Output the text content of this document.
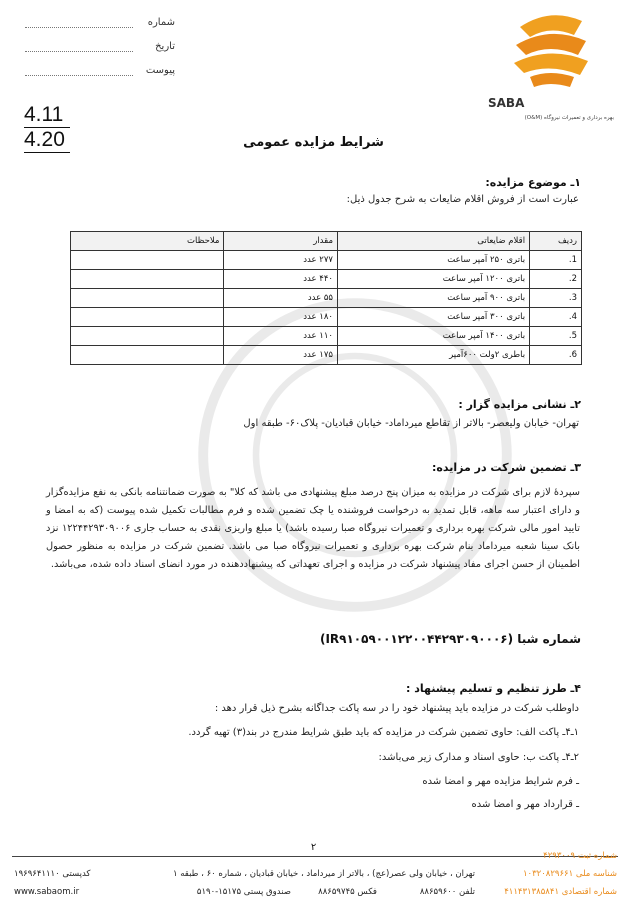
شماره
تاریخ
پیوست
4.11
4.20
SABA
بهره برداری و تعمیرات نیروگاه (O&M)
شرایط مزایده عمومی
۱ـ موضوع مزایده:
عبارت است از فروش اقلام ضایعات به شرح جدول ذیل:
ردیف	اقلام ضایعاتی	مقدار	ملاحظات
1.	باتری ۲۵۰ آمپر ساعت	۲۷۷ عدد	
2.	باتری ۱۲۰۰ آمپر ساعت	۴۴۰ عدد	
3.	باتری ۹۰۰ آمپر ساعت	۵۵ عدد	
4.	باتری ۳۰۰ آمپر ساعت	۱۸۰ عدد	
5.	باتری ۱۴۰۰ آمپر ساعت	۱۱۰ عدد	
6.	باطری ۲ولت ۶۰۰آمپر	۱۷۵ عدد	
۲ـ نشانی مزایده گزار :
تهران- خیابان ولیعصر- بالاتر از تقاطع میرداماد- خیابان قبادیان- پلاک۶۰- طبقه اول
۳ـ تضمین شرکت در مزایده:
سپردۀ لازم برای شرکت در مزایده به میزان پنج درصد مبلغ پیشنهادی می باشد که کلا" به صورت ضمانتنامه بانکی به نفع مزایده‌گزار و دارای اعتبار سه ماهه، قابل تمدید به درخواست فروشنده یا چک تضمین شده و فرم مطالبات تکمیل شده پیوست (که به امضا و تایید امور مالی شرکت بهره برداری و تعمیرات نیروگاه صبا رسیده باشد) یا مبلغ واریزی نقدی به حساب جاری ۱۲۲۴۴۲۹۳۰۹۰۰۶ نزد بانک سینا شعبه میرداماد بنام شرکت بهره برداری و تعمیرات نیروگاه صبا می باشد. تضمین شرکت در مزایده به منظور حصول اطمینان از حسن اجرای مفاد پیشنهاد شرکت در مزایده و اجرای تعهداتی که پیشنهاددهنده در مورد انضای اسناد داده شده، می‌باشد.
شماره شبا (IR۹۱۰۵۹۰۰۱۲۲۰۰۴۴۲۹۳۰۹۰۰۰۶)
۴ـ طرز تنظیم و تسلیم پیشنهاد :
داوطلب شرکت در مزایده باید پیشنهاد خود را در سه پاکت جداگانه بشرح ذیل قرار دهد :
۱ـ۴ـ پاکت الف: حاوی تضمین شرکت در مزایده که باید طبق شرایط مندرج در بند(۳) تهیه گردد.
۲ـ۴ـ پاکت ب: حاوی اسناد و مدارک زیر می‌باشد:
ـ فرم شرایط مزایده مهر و امضا شده
ـ قرارداد مهر و امضا شده
۲
شماره ثبت ۴۲۹۳۰۰۹
شناسه ملی ۱۰۳۲۰۸۲۹۶۶۱
شماره اقتصادی ۴۱۱۴۳۱۳۸۵۸۴۱
تهران ، خیابان ولی عصر(عج) ، بالاتر از میرداماد ، خیابان قبادیان ، شماره ۶۰ ، طبقه ۱
کدپستی ۱۹۶۹۶۴۱۱۱۰
تلفن ۸۸۶۵۹۶۰۰
فکس ۸۸۶۵۹۷۴۵
صندوق پستی ۱۵۱۷۵-۵۱۹۰
www.sabaom.ir
